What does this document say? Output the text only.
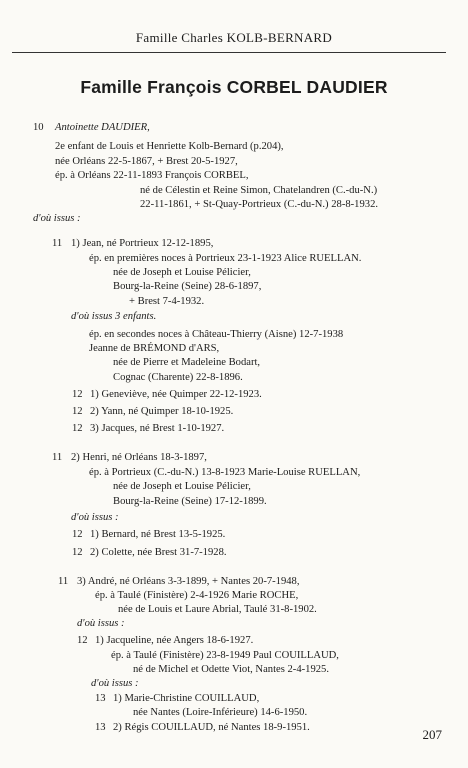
Famille Charles KOLB-BERNARD
Famille François CORBEL DAUDIER
10 Antoinette DAUDIER,
2e enfant de Louis et Henriette Kolb-Bernard (p.204),
née Orléans 22-5-1867, + Brest 20-5-1927,
ép. à Orléans 22-11-1893 François CORBEL,
né de Célestin et Reine Simon, Chatelandren (C.-du-N.)
22-11-1861, + St-Quay-Portrieux (C.-du-N.) 28-8-1932.
d'où issus :
11 1) Jean, né Portrieux 12-12-1895,
ép. en premières noces à Portrieux 23-1-1923 Alice RUELLAN.
née de Joseph et Louise Pélicier,
Bourg-la-Reine (Seine) 28-6-1897,
+ Brest 7-4-1932.
d'où issus 3 enfants.
ép. en secondes noces à Château-Thierry (Aisne) 12-7-1938
Jeanne de BRÉMOND d'ARS,
née de Pierre et Madeleine Bodart,
Cognac (Charente) 22-8-1896.
12 1) Geneviève, née Quimper 22-12-1923.
12 2) Yann, né Quimper 18-10-1925.
12 3) Jacques, né Brest 1-10-1927.
11 2) Henri, né Orléans 18-3-1897,
ép. à Portrieux (C.-du-N.) 13-8-1923 Marie-Louise RUELLAN,
née de Joseph et Louise Pélicier,
Bourg-la-Reine (Seine) 17-12-1899.
d'où issus :
12 1) Bernard, né Brest 13-5-1925.
12 2) Colette, née Brest 31-7-1928.
11 3) André, né Orléans 3-3-1899, + Nantes 20-7-1948,
ép. à Taulé (Finistère) 2-4-1926 Marie ROCHE,
née de Louis et Laure Abrial, Taulé 31-8-1902.
d'où issus :
12 1) Jacqueline, née Angers 18-6-1927.
ép. à Taulé (Finistère) 23-8-1949 Paul COUILLAUD,
né de Michel et Odette Viot, Nantes 2-4-1925.
d'où issus :
13 1) Marie-Christine COUILLAUD,
née Nantes (Loire-Inférieure) 14-6-1950.
13 2) Régis COUILLAUD, né Nantes 18-9-1951.	207
